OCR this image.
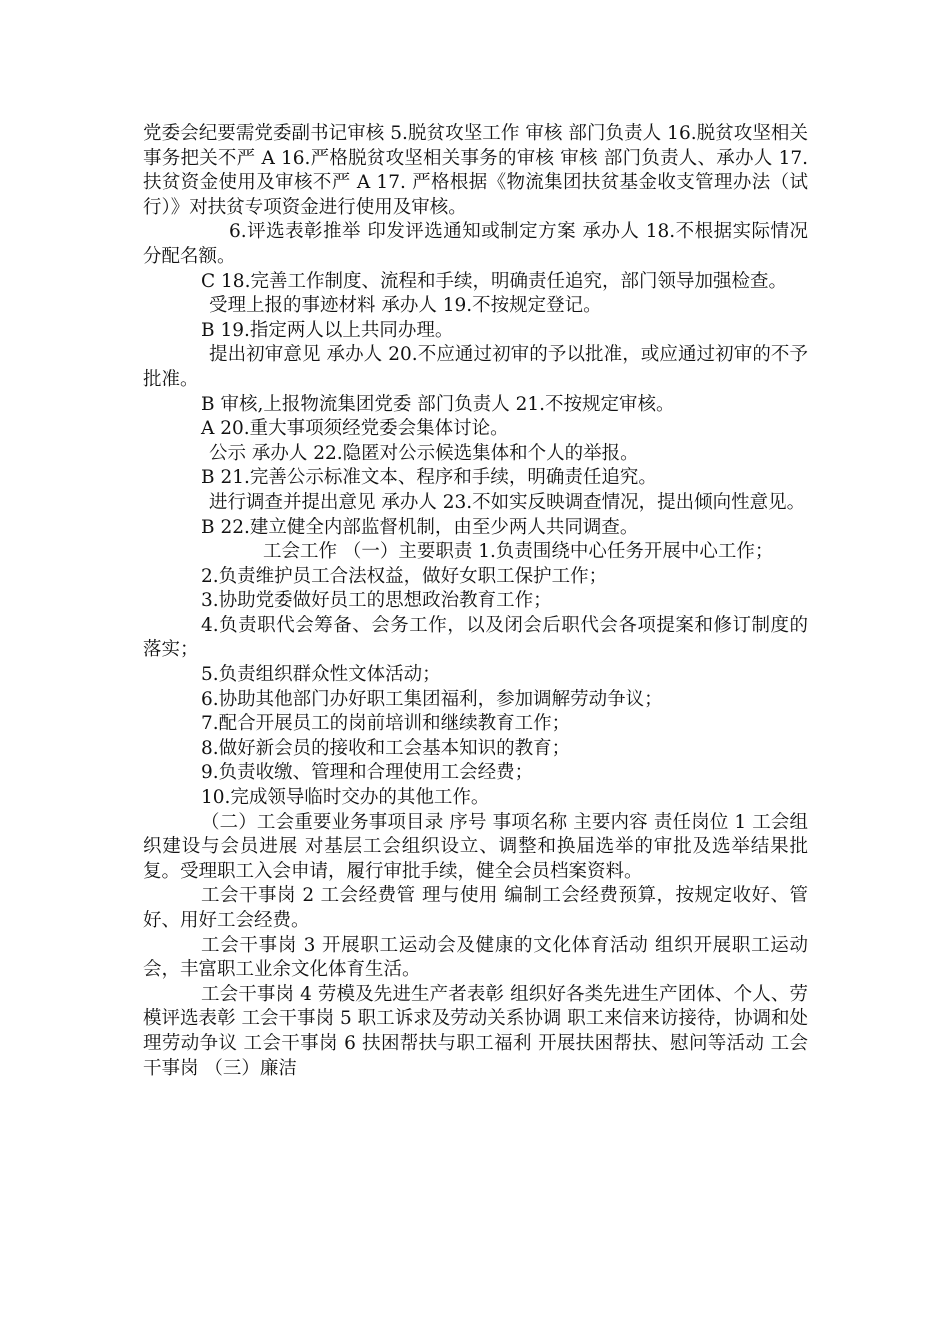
党委会纪要需党委副书记审核 5.脱贫攻坚工作 审核 部门负责人 16.脱贫攻坚相关事务把关不严 A 16.严格脱贫攻坚相关事务的审核 审核 部门负责人、承办人 17.扶贫资金使用及审核不严 A 17. 严格根据《物流集团扶贫基金收支管理办法（试行）》对扶贫专项资金进行使用及审核。

6.评选表彰推举 印发评选通知或制定方案 承办人 18.不根据实际情况分配名额。

C 18.完善工作制度、流程和手续，明确责任追究，部门领导加强检查。

受理上报的事迹材料 承办人 19.不按规定登记。

B 19.指定两人以上共同办理。

提出初审意见 承办人 20.不应通过初审的予以批准，或应通过初审的不予批准。

B 审核,上报物流集团党委 部门负责人 21.不按规定审核。

A 20.重大事项须经党委会集体讨论。

公示 承办人 22.隐匿对公示候选集体和个人的举报。

B 21.完善公示标准文本、程序和手续，明确责任追究。

进行调查并提出意见 承办人 23.不如实反映调查情况，提出倾向性意见。

B 22.建立健全内部监督机制，由至少两人共同调查。

工会工作 （一）主要职责 1.负责围绕中心任务开展中心工作；

2.负责维护员工合法权益，做好女职工保护工作；

3.协助党委做好员工的思想政治教育工作；

4.负责职代会筹备、会务工作，以及闭会后职代会各项提案和修订制度的落实；

5.负责组织群众性文体活动；

6.协助其他部门办好职工集团福利，参加调解劳动争议；

7.配合开展员工的岗前培训和继续教育工作；

8.做好新会员的接收和工会基本知识的教育；

9.负责收缴、管理和合理使用工会经费；

10.完成领导临时交办的其他工作。

（二）工会重要业务事项目录 序号 事项名称 主要内容 责任岗位 1 工会组织建设与会员进展 对基层工会组织设立、调整和换届选举的审批及选举结果批复。受理职工入会申请，履行审批手续，健全会员档案资料。

工会干事岗 2 工会经费管 理与使用 编制工会经费预算，按规定收好、管好、用好工会经费。

工会干事岗 3 开展职工运动会及健康的文化体育活动 组织开展职工运动会，丰富职工业余文化体育生活。

工会干事岗 4 劳模及先进生产者表彰 组织好各类先进生产团体、个人、劳模评选表彰 工会干事岗 5 职工诉求及劳动关系协调 职工来信来访接待，协调和处理劳动争议 工会干事岗 6 扶困帮扶与职工福利 开展扶困帮扶、慰问等活动 工会干事岗 （三）廉洁
